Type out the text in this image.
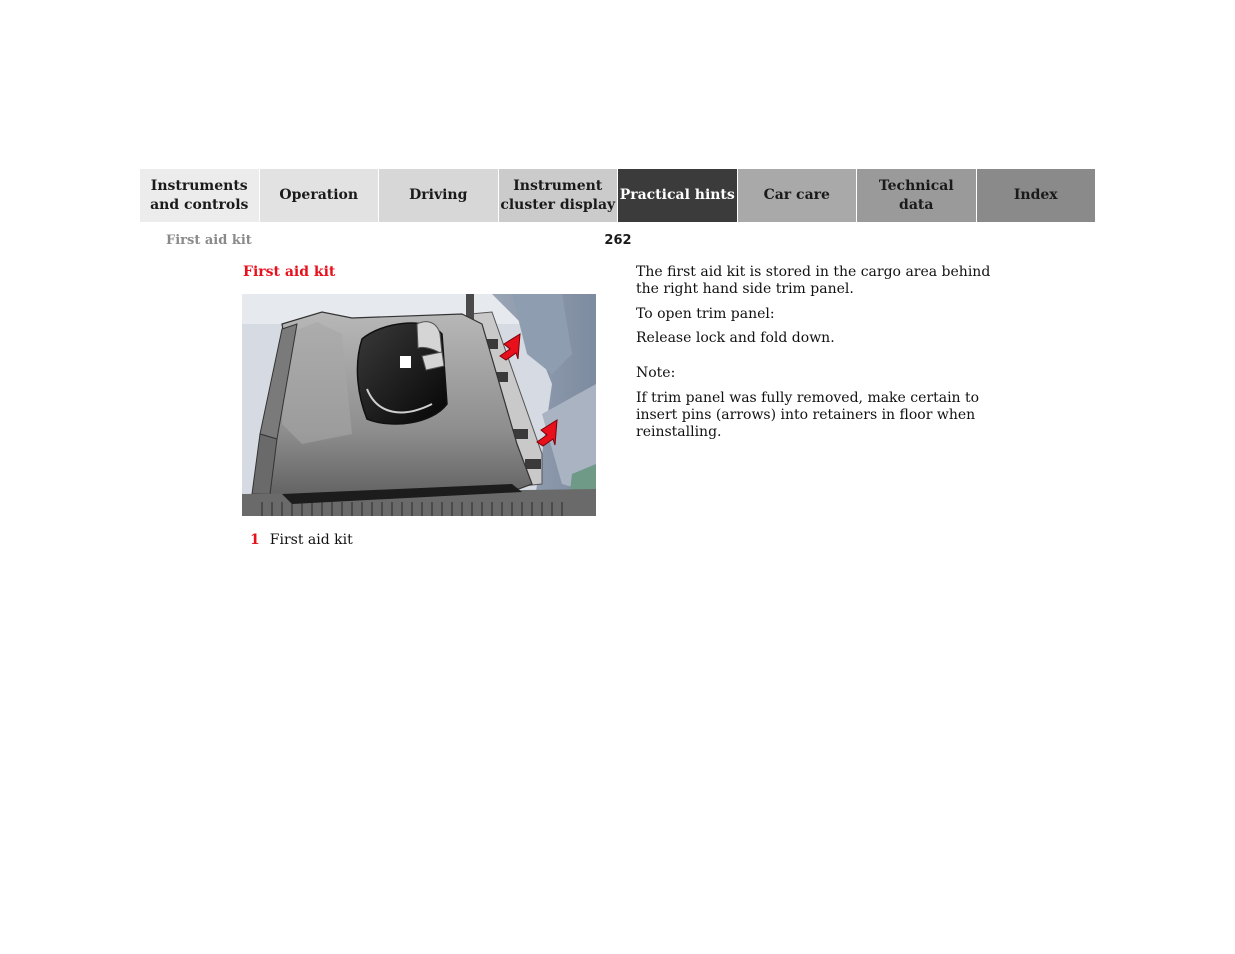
Instruments
and controls
Operation	Driving
Instrument
cluster display
Practical hints	Car care
Technical
data
Index
First aid kit	262
First aid kit
1 First aid kit

The first aid kit is stored in the cargo area behind the right hand side trim panel.

To open trim panel:

Release lock and fold down.

Note:

If trim panel was fully removed, make certain to insert pins (arrows) into retainers in floor when reinstalling.
